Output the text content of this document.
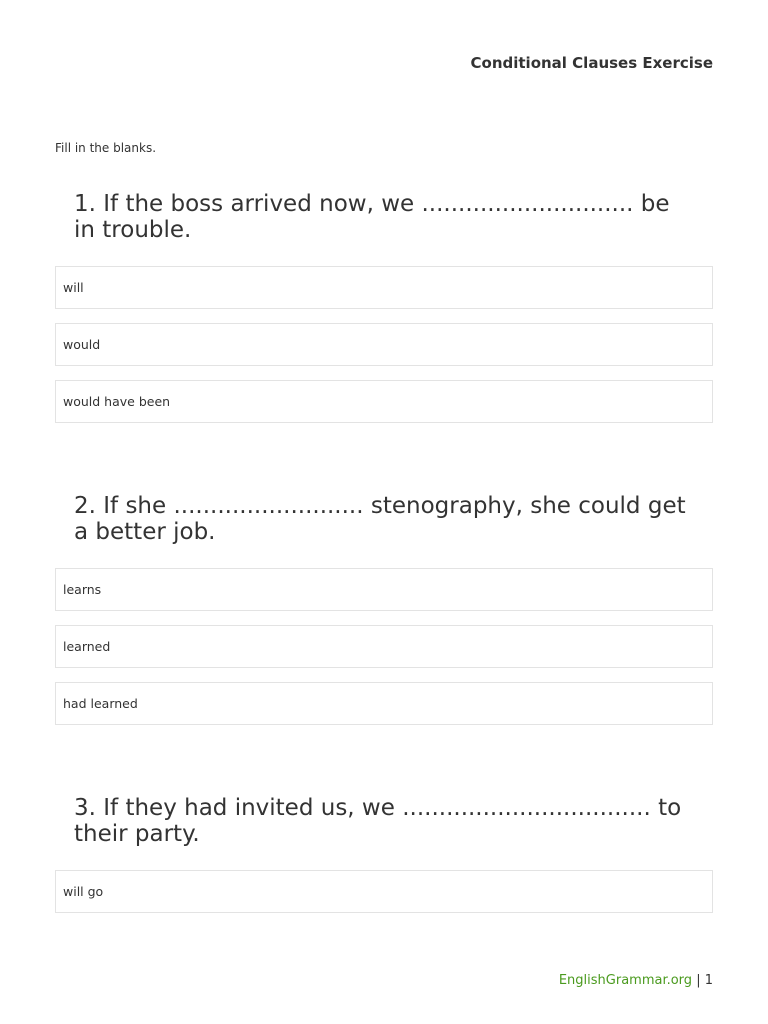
Conditional Clauses Exercise
Fill in the blanks.
1. If the boss arrived now, we ............................. be in trouble.
will
would
would have been
2. If she .......................... stenography, she could get a better job.
learns
learned
had learned
3. If they had invited us, we .................................. to their party.
will go
EnglishGrammar.org | 1
